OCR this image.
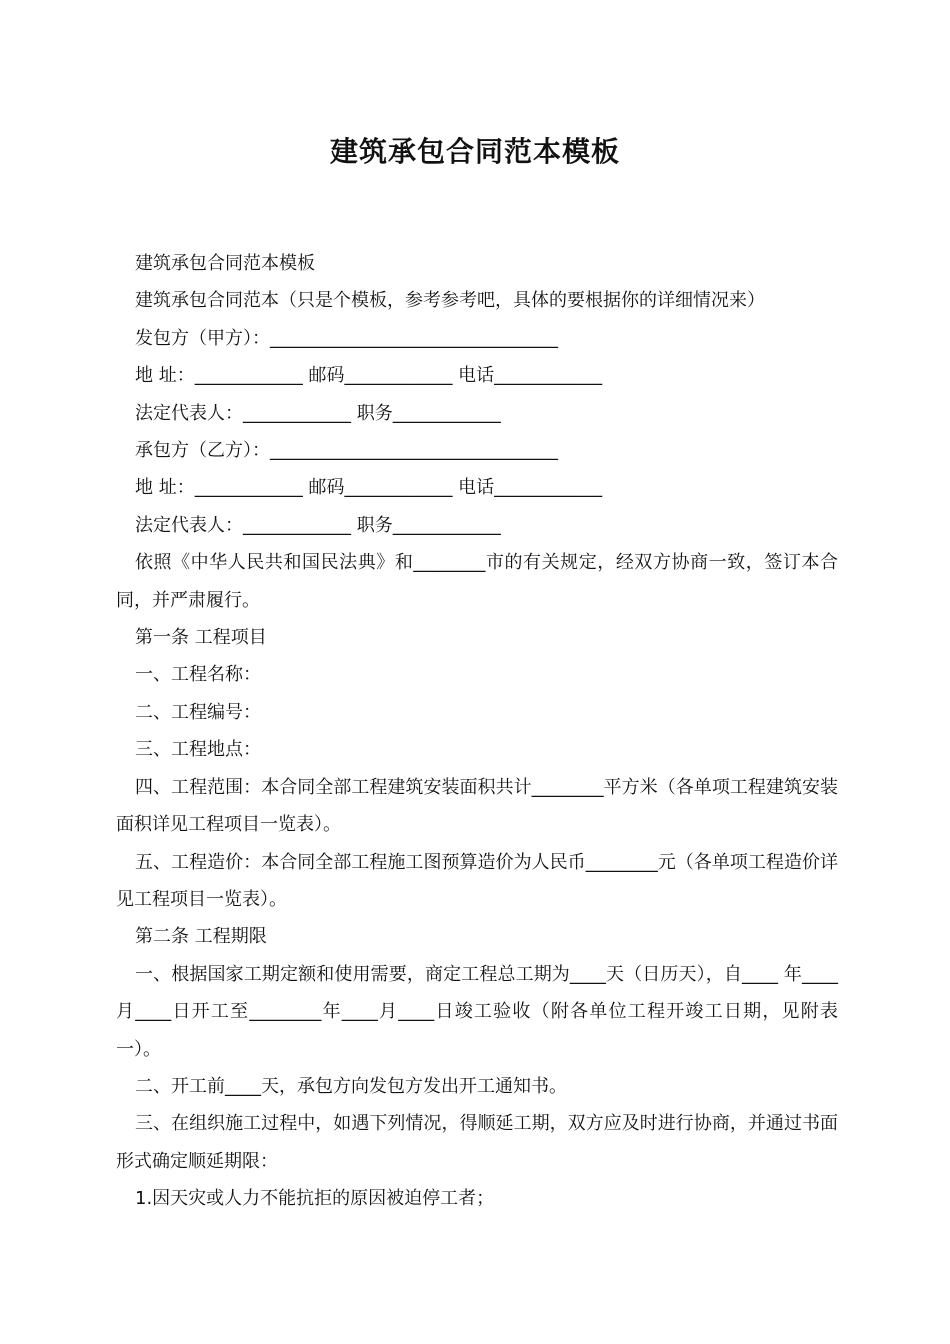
建筑承包合同范本模板

建筑承包合同范本模板

建筑承包合同范本（只是个模板，参考参考吧，具体的要根据你的详细情况来）

发包方（甲方）：________________________________

地 址：____________ 邮码____________ 电话____________

法定代表人：____________ 职务____________

承包方（乙方）：________________________________

地 址：____________ 邮码____________ 电话____________

法定代表人：____________ 职务____________

依照《中华人民共和国民法典》和________市的有关规定，经双方协商一致，签订本合同，并严肃履行。

第一条 工程项目

一、工程名称：

二、工程编号：

三、工程地点：

四、工程范围：本合同全部工程建筑安装面积共计________平方米（各单项工程建筑安装面积详见工程项目一览表）。

五、工程造价：本合同全部工程施工图预算造价为人民币________元（各单项工程造价详见工程项目一览表）。

第二条 工程期限

一、根据国家工期定额和使用需要，商定工程总工期为____天（日历天），自____ 年____月____日开工至________年____月____日竣工验收（附各单位工程开竣工日期，见附表一）。

二、开工前____天，承包方向发包方发出开工通知书。

三、在组织施工过程中，如遇下列情况，得顺延工期，双方应及时进行协商，并通过书面形式确定顺延期限：

1.因天灾或人力不能抗拒的原因被迫停工者；
